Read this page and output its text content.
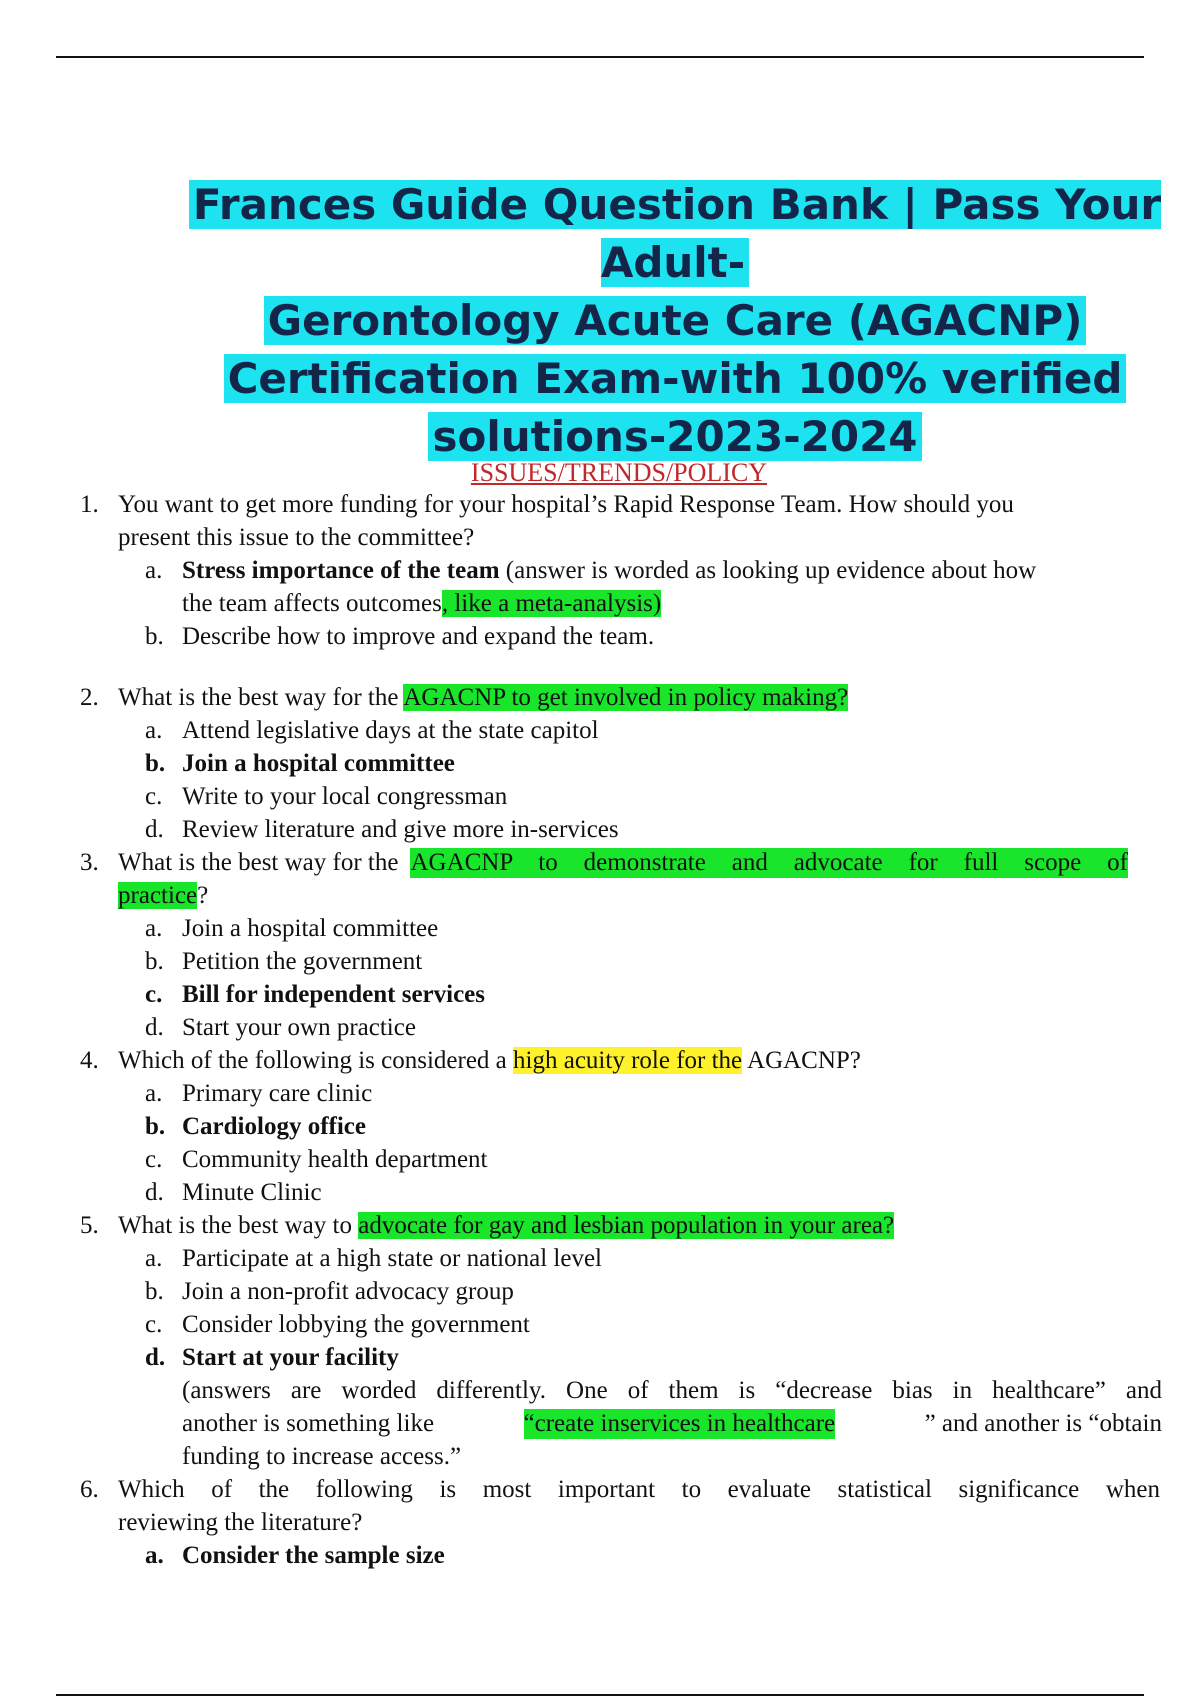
Frances Guide Question Bank | Pass Your Adult-
Gerontology Acute Care (AGACNP)
Certification Exam-with 100% verified
solutions-2023-2024
ISSUES/TRENDS/POLICY
1. You want to get more funding for your hospital’s Rapid Response Team. How should you
present this issue to the committee?
a. Stress importance of the team (answer is worded as looking up evidence about how
the team affects outcomes, like a meta-analysis)
b. Describe how to improve and expand the team.
2. What is the best way for the AGACNP to get involved in policy making?
a. Attend legislative days at the state capitol
b. Join a hospital committee
c. Write to your local congressman
d. Review literature and give more in-services
3. What is the best way for the AGACNP to demonstrate and advocate for full scope of
practice?
a. Join a hospital committee
b. Petition the government
c. Bill for independent services
d. Start your own practice
4. Which of the following is considered a high acuity role for the AGACNP?
a. Primary care clinic
b. Cardiology office
c. Community health department
d. Minute Clinic
5. What is the best way to advocate for gay and lesbian population in your area?
a. Participate at a high state or national level
b. Join a non-profit advocacy group
c. Consider lobbying the government
d. Start at your facility
(answers are worded differently. One of them is “decrease bias in healthcare” and
another is something like	“create inservices in healthcare	” and another is “obtain
funding to increase access.”
6. Which of the following is most important to evaluate statistical significance when
reviewing the literature?
a. Consider the sample size
